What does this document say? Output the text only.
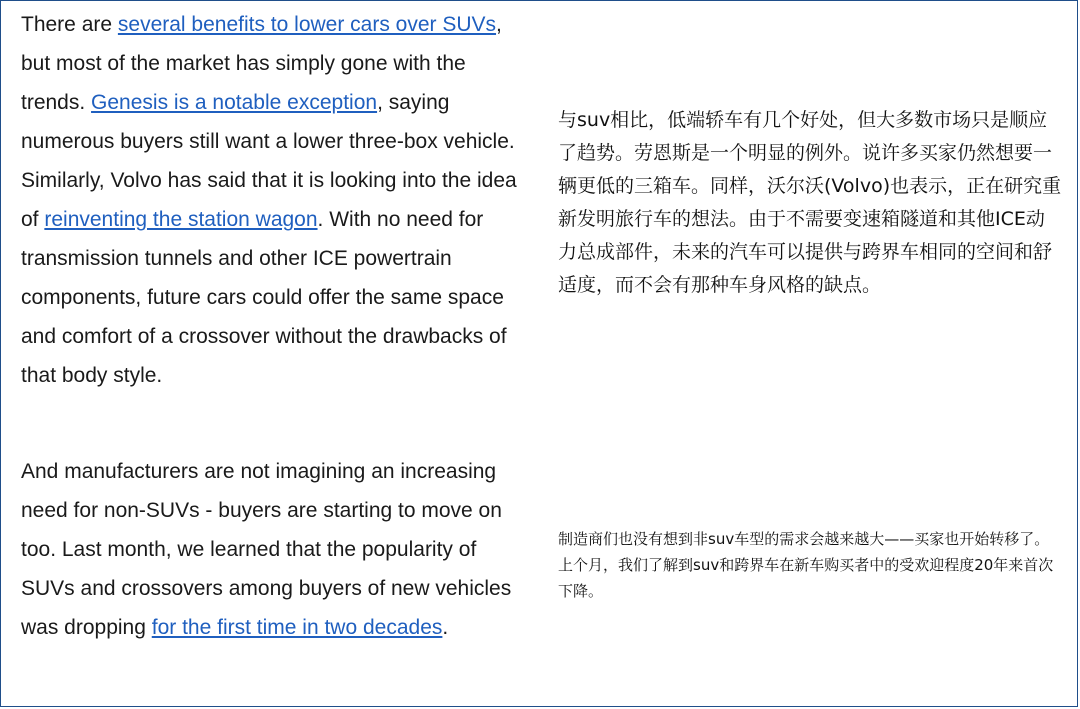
There are several benefits to lower cars over SUVs, but most of the market has simply gone with the trends. Genesis is a notable exception, saying numerous buyers still want a lower three-box vehicle. Similarly, Volvo has said that it is looking into the idea of reinventing the station wagon. With no need for transmission tunnels and other ICE powertrain components, future cars could offer the same space and comfort of a crossover without the drawbacks of that body style.
与suv相比，低端轿车有几个好处，但大多数市场只是顺应了趋势。劳恩斯是一个明显的例外。说许多买家仍然想要一辆更低的三箱车。同样，沃尔沃(Volvo)也表示，正在研究重新发明旅行车的想法。由于不需要变速箱隧道和其他ICE动力总成部件，未来的汽车可以提供与跨界车相同的空间和舒适度，而不会有那种车身风格的缺点。
And manufacturers are not imagining an increasing need for non-SUVs - buyers are starting to move on too. Last month, we learned that the popularity of SUVs and crossovers among buyers of new vehicles was dropping for the first time in two decades.
制造商们也没有想到非suv车型的需求会越来越大——买家也开始转移了。上个月，我们了解到suv和跨界车在新车购买者中的受欢迎程度20年来首次下降。
